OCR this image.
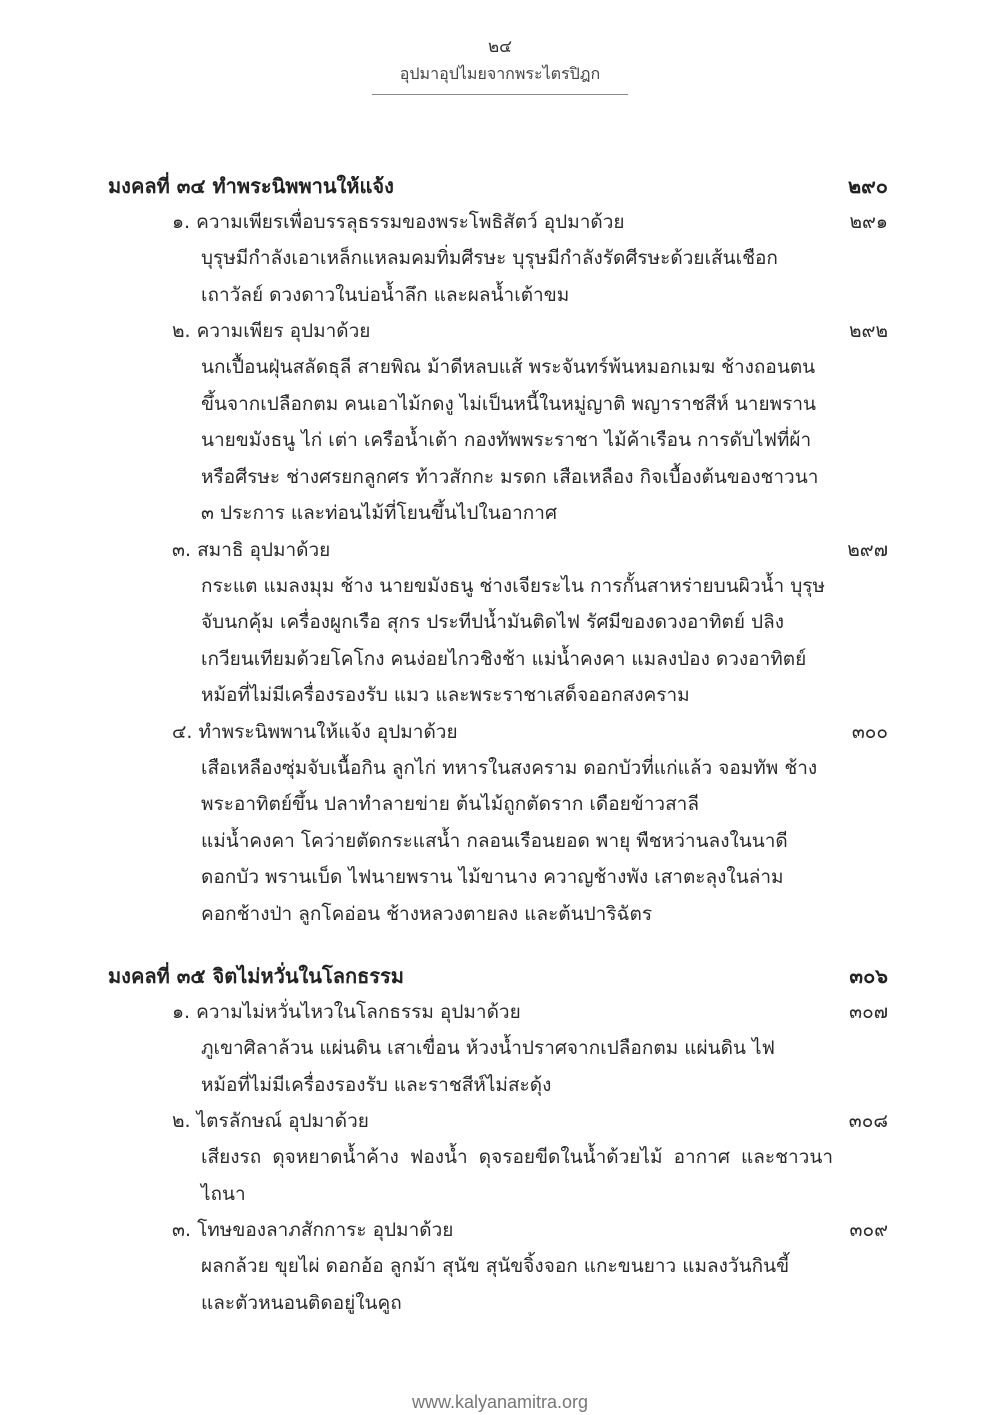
๒๔
อุปมาอุปไมยจากพระไตรปิฎก
มงคลที่ ๓๔ ทำพระนิพพานให้แจ้ง	๒๙๐
๑. ความเพียรเพื่อบรรลุธรรมของพระโพธิสัตว์ อุปมาด้วย	๒๙๑
บุรุษมีกำลังเอาเหล็กแหลมคมทิ่มศีรษะ บุรุษมีกำลังรัดศีรษะด้วยเส้นเชือก
เถาวัลย์ ดวงดาวในบ่อน้ำลึก และผลน้ำเต้าขม
๒. ความเพียร อุปมาด้วย	๒๙๒
นกเปื้อนฝุ่นสลัดธุลี สายพิณ ม้าดีหลบแส้ พระจันทร์พ้นหมอกเมฆ ช้างถอนตน
ขึ้นจากเปลือกตม คนเอาไม้กดงู ไม่เป็นหนี้ในหมู่ญาติ พญาราชสีห์ นายพราน
นายขมังธนู ไก่ เต่า เครือน้ำเต้า กองทัพพระราชา ไม้ค้าเรือน การดับไฟที่ผ้า
หรือศีรษะ ช่างศรยกลูกศร ท้าวสักกะ มรดก เสือเหลือง กิจเบื้องต้นของชาวนา
๓ ประการ และท่อนไม้ที่โยนขึ้นไปในอากาศ
๓. สมาธิ อุปมาด้วย	๒๙๗
กระแต แมลงมุม ช้าง นายขมังธนู ช่างเจียระไน การกั้นสาหร่ายบนผิวน้ำ บุรุษ
จับนกคุ้ม เครื่องผูกเรือ สุกร ประทีปน้ำมันติดไฟ รัศมีของดวงอาทิตย์ ปลิง
เกวียนเทียมด้วยโคโกง คนง่อยไกวชิงช้า แม่น้ำคงคา แมลงป่อง ดวงอาทิตย์
หม้อที่ไม่มีเครื่องรองรับ แมว และพระราชาเสด็จออกสงคราม
๔. ทำพระนิพพานให้แจ้ง อุปมาด้วย	๓๐๐
เสือเหลืองซุ่มจับเนื้อกิน ลูกไก่ ทหารในสงคราม ดอกบัวที่แก่แล้ว จอมทัพ ช้าง
พระอาทิตย์ขึ้น ปลาทำลายข่าย ต้นไม้ถูกตัดราก เดือยข้าวสาลี
แม่น้ำคงคา โคว่ายตัดกระแสน้ำ กลอนเรือนยอด พายุ พืชหว่านลงในนาดี
ดอกบัว พรานเบ็ด ไฟนายพราน ไม้ขานาง ควาญช้างพัง เสาตะลุงในล่าม
คอกช้างป่า ลูกโคอ่อน ช้างหลวงตายลง และต้นปาริฉัตร
มงคลที่ ๓๕ จิตไม่หวั่นในโลกธรรม	๓๐๖
๑. ความไม่หวั่นไหวในโลกธรรม อุปมาด้วย	๓๐๗
ภูเขาศิลาล้วน แผ่นดิน เสาเขื่อน ห้วงน้ำปราศจากเปลือกตม แผ่นดิน ไฟ
หม้อที่ไม่มีเครื่องรองรับ และราชสีห์ไม่สะดุ้ง
๒. ไตรลักษณ์ อุปมาด้วย	๓๐๘
เสียงรถ ดุจหยาดน้ำค้าง ฟองน้ำ ดุจรอยขีดในน้ำด้วยไม้ อากาศ และชาวนาไถนา
๓. โทษของลาภสักการะ อุปมาด้วย	๓๐๙
ผลกล้วย ขุยไผ่ ดอกอ้อ ลูกม้า สุนัข สุนัขจิ้งจอก แกะขนยาว แมลงวันกินขี้
และตัวหนอนติดอยู่ในคูถ
www.kalyanamitra.org
